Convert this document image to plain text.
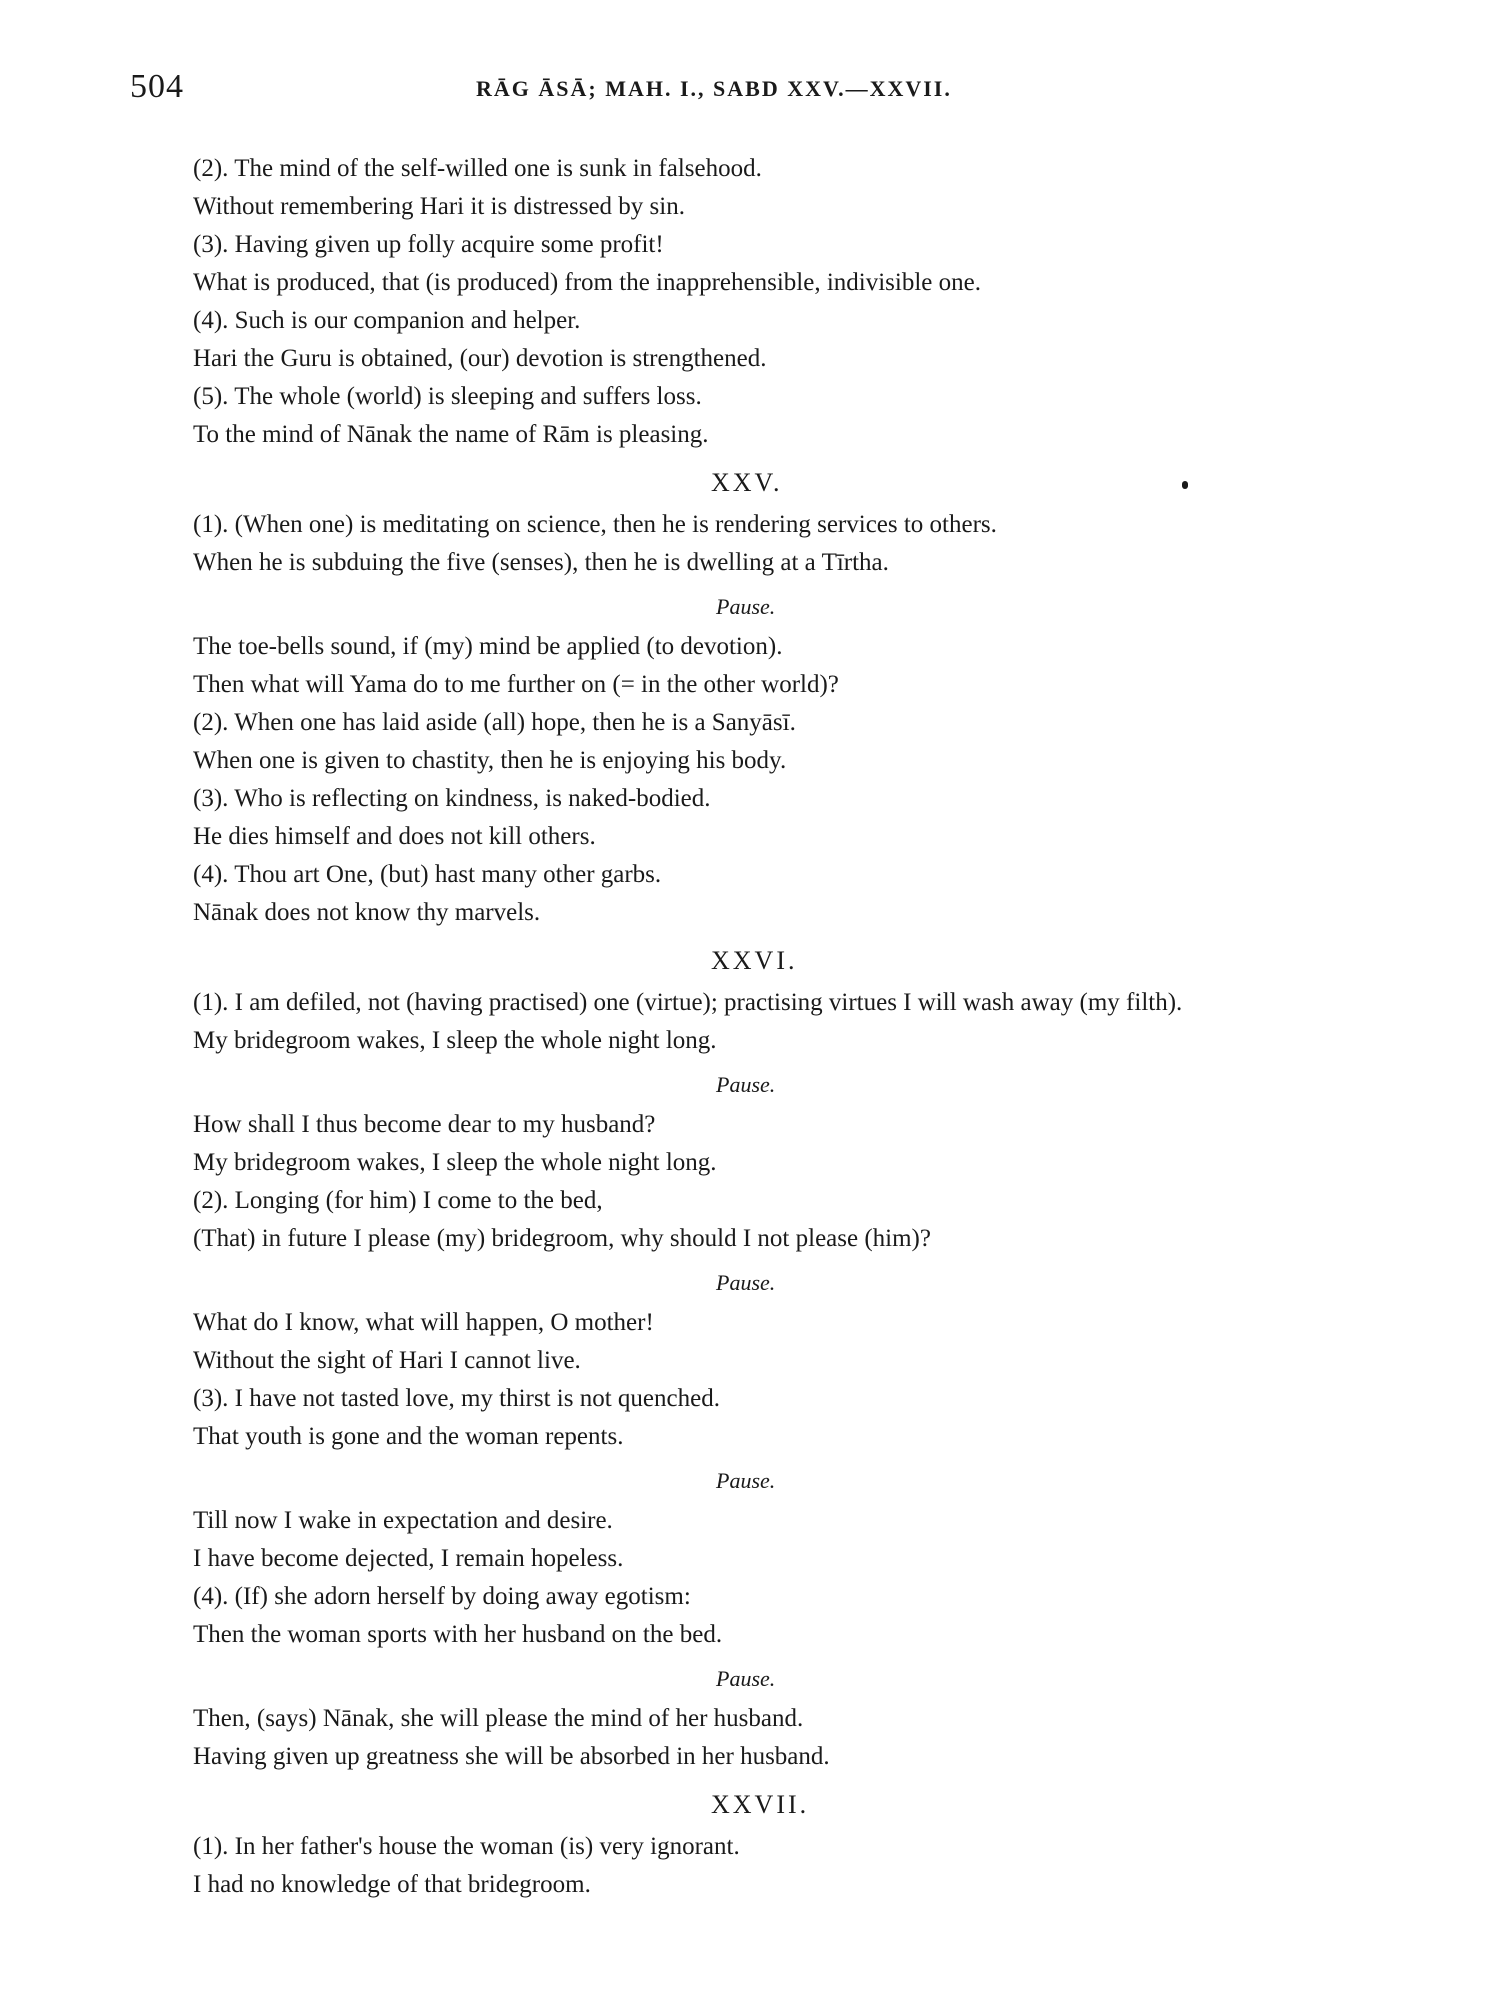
504	RĀG ĀSĀ; MAH. I., SABD XXV.—XXVII.
(2). The mind of the self-willed one is sunk in falsehood.
Without remembering Hari it is distressed by sin.
(3). Having given up folly acquire some profit!
What is produced, that (is produced) from the inapprehensible, indivisible one.
(4). Such is our companion and helper.
Hari the Guru is obtained, (our) devotion is strengthened.
(5). The whole (world) is sleeping and suffers loss.
To the mind of Nānak the name of Rām is pleasing.
XXV.
(1). (When one) is meditating on science, then he is rendering services to others.
When he is subduing the five (senses), then he is dwelling at a Tīrtha.
Pause.
The toe-bells sound, if (my) mind be applied (to devotion).
Then what will Yama do to me further on (= in the other world)?
(2). When one has laid aside (all) hope, then he is a Sanyāsī.
When one is given to chastity, then he is enjoying his body.
(3). Who is reflecting on kindness, is naked-bodied.
He dies himself and does not kill others.
(4). Thou art One, (but) hast many other garbs.
Nānak does not know thy marvels.
XXVI.
(1). I am defiled, not (having practised) one (virtue); practising virtues I will wash away (my filth).
My bridegroom wakes, I sleep the whole night long.
Pause.
How shall I thus become dear to my husband?
My bridegroom wakes, I sleep the whole night long.
(2). Longing (for him) I come to the bed,
(That) in future I please (my) bridegroom, why should I not please (him)?
Pause.
What do I know, what will happen, O mother!
Without the sight of Hari I cannot live.
(3). I have not tasted love, my thirst is not quenched.
That youth is gone and the woman repents.
Pause.
Till now I wake in expectation and desire.
I have become dejected, I remain hopeless.
(4). (If) she adorn herself by doing away egotism:
Then the woman sports with her husband on the bed.
Pause.
Then, (says) Nānak, she will please the mind of her husband.
Having given up greatness she will be absorbed in her husband.
XXVII.
(1). In her father's house the woman (is) very ignorant.
I had no knowledge of that bridegroom.
